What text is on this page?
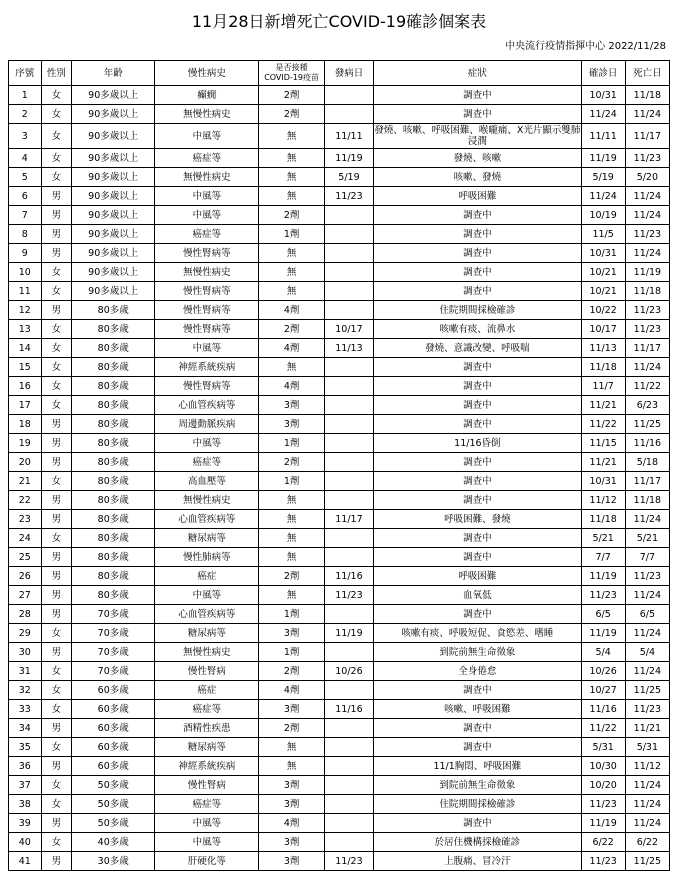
11月28日新增死亡COVID-19確診個案表
中央流行疫情指揮中心 2022/11/28
序號	性別	年齡	慢性病史	是否接種
COVID-19疫苗	發病日	症狀	確診日	死亡日
1	女	90多歲以上	癲癇	2劑		調查中	10/31	11/18
2	女	90多歲以上	無慢性病史	2劑		調查中	11/24	11/24
3	女	90多歲以上	中風等	無	11/11	發燒、咳嗽、呼吸困難、喉嚨痛、X光片顯示雙肺浸潤	11/11	11/17
4	女	90多歲以上	癌症等	無	11/19	發燒、咳嗽	11/19	11/23
5	女	90多歲以上	無慢性病史	無	5/19	咳嗽、發燒	5/19	5/20
6	男	90多歲以上	中風等	無	11/23	呼吸困難	11/24	11/24
7	男	90多歲以上	中風等	2劑		調查中	10/19	11/24
8	男	90多歲以上	癌症等	1劑		調查中	11/5	11/23
9	男	90多歲以上	慢性腎病等	無		調查中	10/31	11/24
10	女	90多歲以上	無慢性病史	無		調查中	10/21	11/19
11	女	90多歲以上	慢性腎病等	無		調查中	10/21	11/18
12	男	80多歲	慢性腎病等	4劑		住院期間採檢確診	10/22	11/23
13	女	80多歲	慢性腎病等	2劑	10/17	咳嗽有痰、流鼻水	10/17	11/23
14	女	80多歲	中風等	4劑	11/13	發燒、意識改變、呼吸喘	11/13	11/17
15	女	80多歲	神經系統疾病	無		調查中	11/18	11/24
16	女	80多歲	慢性腎病等	4劑		調查中	11/7	11/22
17	女	80多歲	心血管疾病等	3劑		調查中	11/21	6/23
18	男	80多歲	周邊動脈疾病	3劑		調查中	11/22	11/25
19	男	80多歲	中風等	1劑		11/16昏倒	11/15	11/16
20	男	80多歲	癌症等	2劑		調查中	11/21	5/18
21	女	80多歲	高血壓等	1劑		調查中	10/31	11/17
22	男	80多歲	無慢性病史	無		調查中	11/12	11/18
23	男	80多歲	心血管疾病等	無	11/17	呼吸困難、發燒	11/18	11/24
24	女	80多歲	糖尿病等	無		調查中	5/21	5/21
25	男	80多歲	慢性肺病等	無		調查中	7/7	7/7
26	男	80多歲	癌症	2劑	11/16	呼吸困難	11/19	11/23
27	男	80多歲	中風等	無	11/23	血氧低	11/23	11/24
28	男	70多歲	心血管疾病等	1劑		調查中	6/5	6/5
29	女	70多歲	糖尿病等	3劑	11/19	咳嗽有痰、呼吸短促、食慾差、嗜睡	11/19	11/24
30	男	70多歲	無慢性病史	1劑		到院前無生命徵象	5/4	5/4
31	女	70多歲	慢性腎病	2劑	10/26	全身倦怠	10/26	11/24
32	女	60多歲	癌症	4劑		調查中	10/27	11/25
33	女	60多歲	癌症等	3劑	11/16	咳嗽、呼吸困難	11/16	11/23
34	男	60多歲	酒精性疾患	2劑		調查中	11/22	11/21
35	女	60多歲	糖尿病等	無		調查中	5/31	5/31
36	男	60多歲	神經系統疾病	無		11/1胸悶、呼吸困難	10/30	11/12
37	女	50多歲	慢性腎病	3劑		到院前無生命徵象	10/20	11/24
38	女	50多歲	癌症等	3劑		住院期間採檢確診	11/23	11/24
39	男	50多歲	中風等	4劑		調查中	11/19	11/24
40	女	40多歲	中風等	3劑		於居住機構採檢確診	6/22	6/22
41	男	30多歲	肝硬化等	3劑	11/23	上腹痛、冒冷汗	11/23	11/25
